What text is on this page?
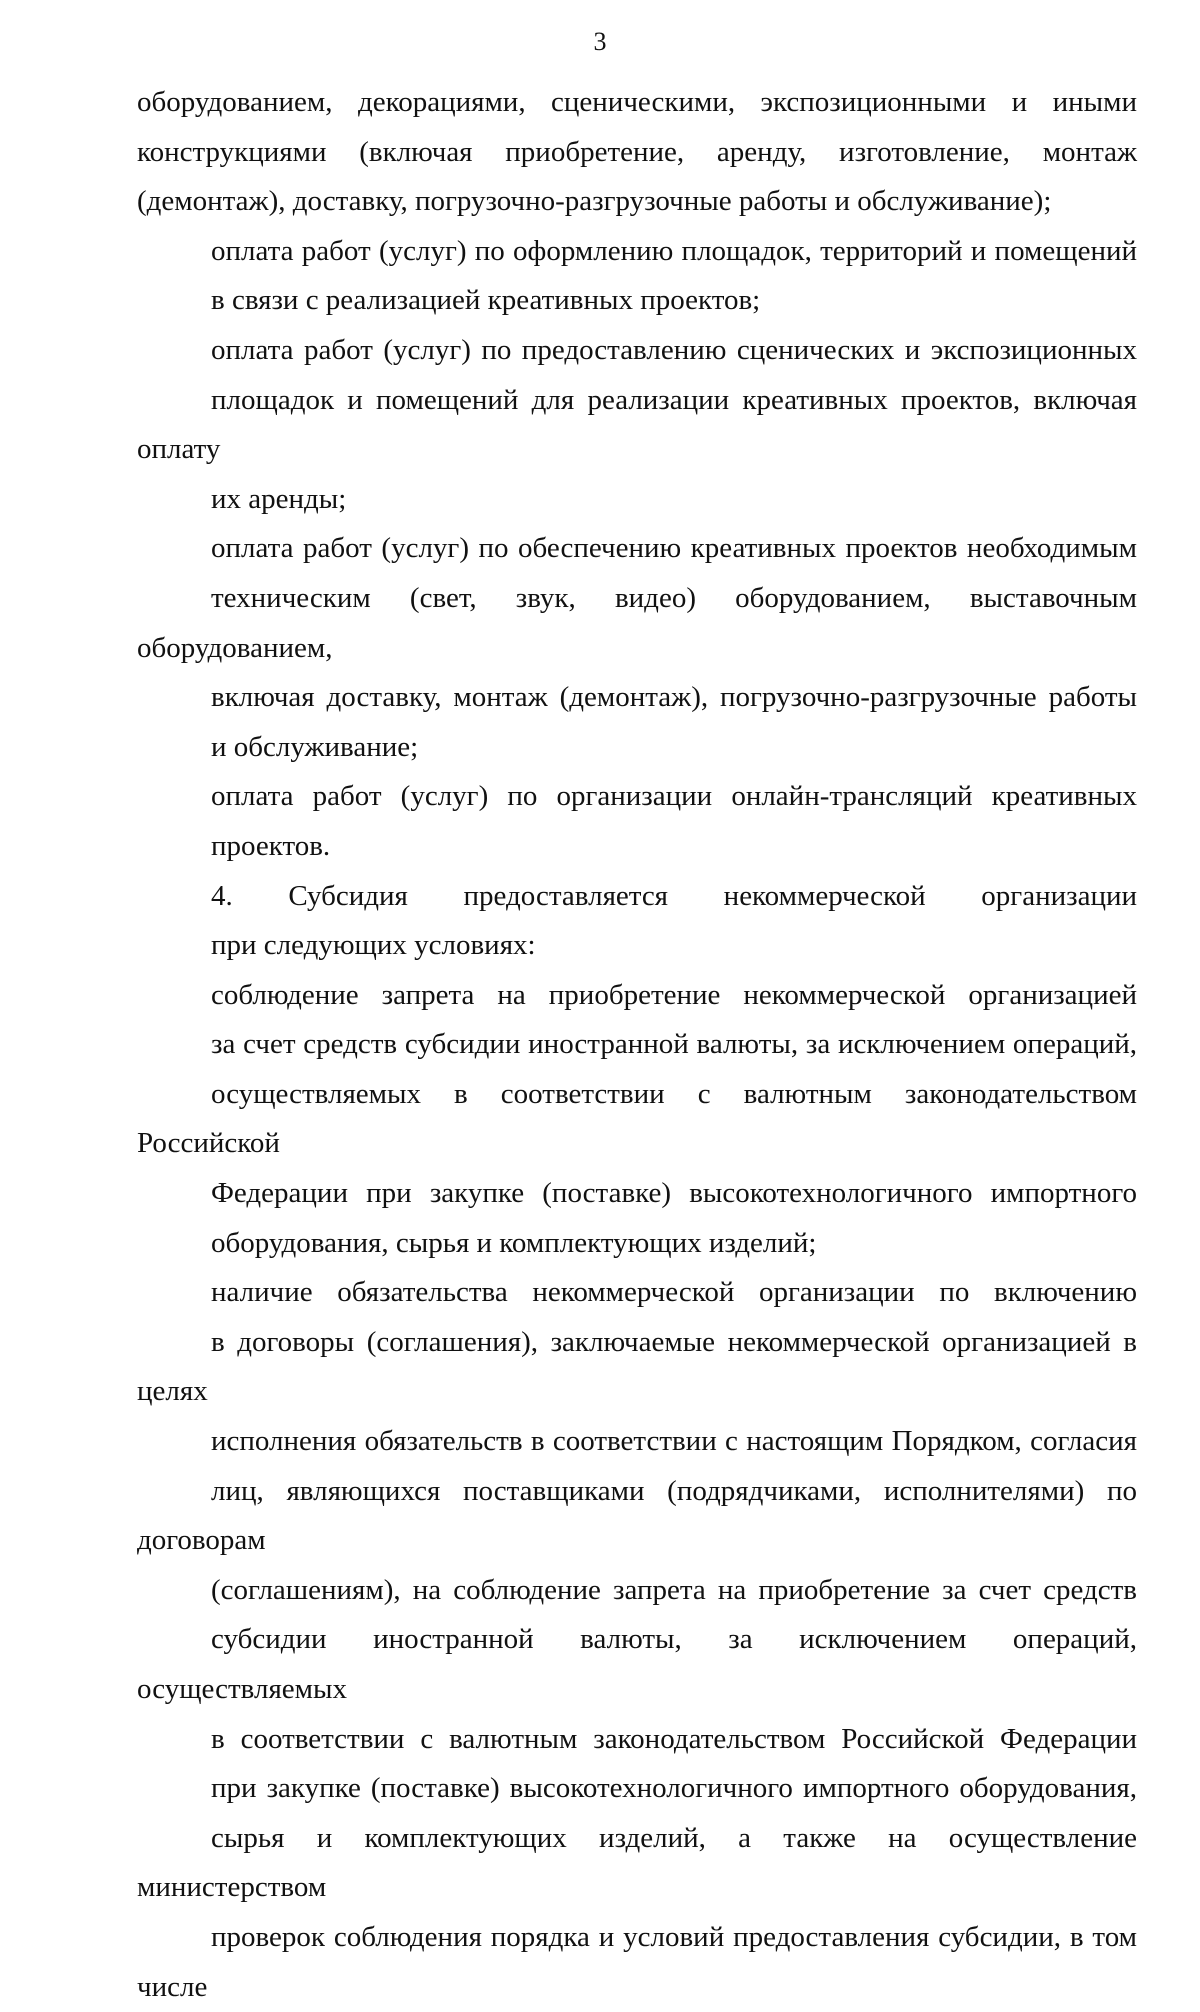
3

оборудованием, декорациями, сценическими, экспозиционными и иными
конструкциями (включая приобретение, аренду, изготовление, монтаж
(демонтаж), доставку, погрузочно-разгрузочные работы и обслуживание);

оплата работ (услуг) по оформлению площадок, территорий и помещений
в связи с реализацией креативных проектов;

оплата работ (услуг) по предоставлению сценических и экспозиционных
площадок и помещений для реализации креативных проектов, включая оплату
их аренды;

оплата работ (услуг) по обеспечению креативных проектов необходимым
техническим (свет, звук, видео) оборудованием, выставочным оборудованием,
включая доставку, монтаж (демонтаж), погрузочно-разгрузочные работы
и обслуживание;

оплата работ (услуг) по организации онлайн-трансляций креативных
проектов.

4. Субсидия предоставляется некоммерческой организации
при следующих условиях:

соблюдение запрета на приобретение некоммерческой организацией
за счет средств субсидии иностранной валюты, за исключением операций,
осуществляемых в соответствии с валютным законодательством Российской
Федерации при закупке (поставке) высокотехнологичного импортного
оборудования, сырья и комплектующих изделий;

наличие обязательства некоммерческой организации по включению
в договоры (соглашения), заключаемые некоммерческой организацией в целях
исполнения обязательств в соответствии с настоящим Порядком, согласия
лиц, являющихся поставщиками (подрядчиками, исполнителями) по договорам
(соглашениям), на соблюдение запрета на приобретение за счет средств
субсидии иностранной валюты, за исключением операций, осуществляемых
в соответствии с валютным законодательством Российской Федерации
при закупке (поставке) высокотехнологичного импортного оборудования,
сырья и комплектующих изделий, а также на осуществление министерством
проверок соблюдения порядка и условий предоставления субсидии, в том числе
